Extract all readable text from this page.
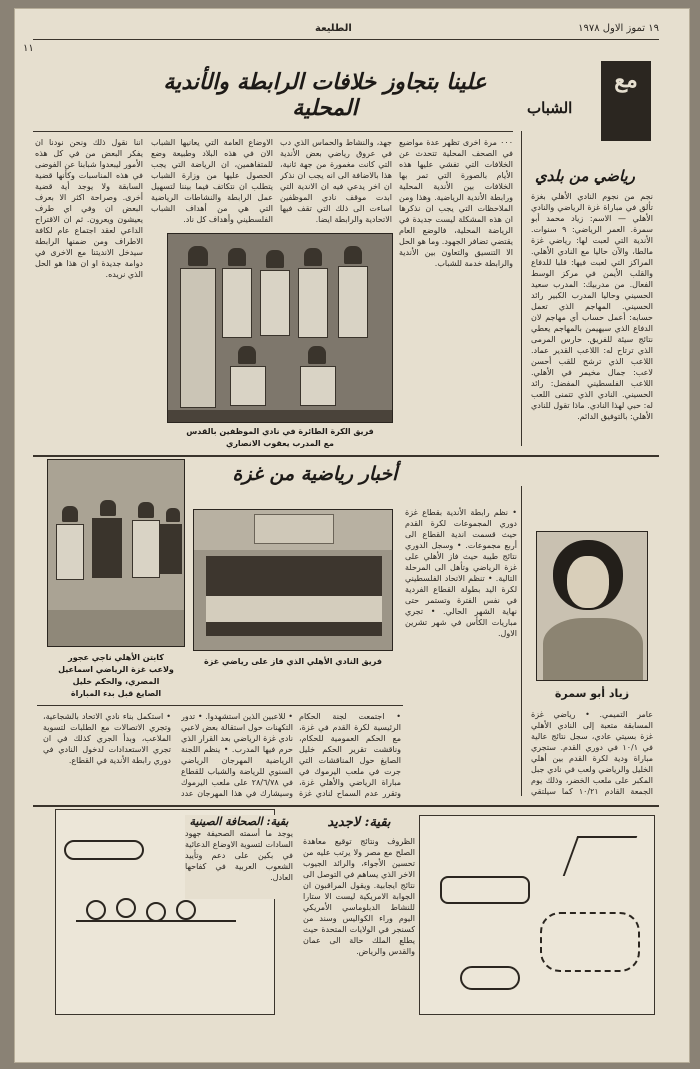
١١
الطليعة	١٩ تموز الاول ١٩٧٨
علينا بتجاوز خلافات الرابطة والأندية المحلية
مع
الشباب
رياضي من بلدي
نجم من نجوم النادي الأهلي بغزة تألق في مباراة غزة الرياضي والنادي الأهلي — الاسم: زياد محمد أبو سمرة. العمر الرياضي: ٩ سنوات. الأندية التي لعبت لها: رياضي غزة مالطا، والآن حاليا مع النادي الأهلي. المراكز التي لعبت فيها: قلبا للدفاع والقلب الأيمن في مركز الوسط الفعال. من مدربيك: المدرب سعيد الحسيني وحاليا المدرب الكبير رائد الحسيني. المهاجم الذي تعمل حسابه: أعمل حساب أي مهاجم لان الدفاع الذي سيهيمن بالمهاجم يعطي نتائج سيئة للفريق. حارس المرمى الذي ترتاح له: اللاعب القدير عماد. اللاعب الذي ترشح للقب أحسن لاعب: جمال مخيمر في الأهلي. اللاعب الفلسطيني المفضل: رائد الحسيني. النادي الذي تتمنى اللعب له: حبي لهذا النادي. ماذا تقول للنادي الأهلي: بالتوفيق الدائم.
زياد أبو سمرة
عامر التميمي. • رياضي غزة المسابقة متعبة إلى النادي الأهلي غزة بسيتي عادي، سجل نتائج عالية في ١٠/١ في دوري القدم. ستجري مباراة ودية لكرة القدم بين أهلي الخليل والرياضي ولعب في نادي جبل المكبر على ملعب الخضر، وذلك يوم الجمعة القادم ١٠/٢١ كما سيلتقي
اننا نقول ذلك ونحن نودنا ان يفكر البعض من في كل هذه الأمور ليبعدوا شبابنا عن الفوضى في هذه المناسبات وكأنها قضية السابقة ولا يوجد أية قضية أخرى. وصراحة اكثر الا بعرف البعض ان وفي اي طرف يعيشون ويعرون. ثم ان الاقتراح الداعي لعقد اجتماع عام لكافة الاطراف ومن ضمنها الرابطة سيدخل الانديتنا مع الاخرى في دوامة جديدة او ان هذا هو الحل الذي نريده.
الاوضاع العامة التي يعانيها الشباب الان في هذه البلاد وطبيعة وضع للمتفاهمين، ان الرياضة التي يجب الحصول عليها من وزارة الشباب يتطلب ان نتكاتف فيما بيننا لتسهيل عمل الرابطة والنشاطات الرياضية التي هي من أهداف الشباب الفلسطيني وأهداف كل ناد.
جهد، والنشاط والحماس الذي دب في عروق رياضي بعض الأندية التي كانت مغمورة من جهة ثانية، هذا بالاضافة الى انه يجب ان نذكر ان اخر يدعي فيه ان الاندية التي ابدت موقف نادي الموظفين اساءت الى ذلك التي تقف فيها الاتحادية والرابطة ايضا.
٠٠٠ مرة اخرى تظهر عدة مواضيع في الصحف المحلية تتحدث عن الخلافات التي تفشي عليها هذه الأيام بالصورة التي تمر بها الخلافات بين الأندية المحلية ورابطة الأندية الرياضية. وهذا ومن الملاحظات التي يجب ان نذكرها ان هذه المشكلة ليست جديدة في الرياضة المحلية، فالوضع العام يقتضي تضافر الجهود. وما هو الحل الا التنسيق والتعاون بين الأندية والرابطة خدمة للشباب.
فريق الكرة الطائرة في نادي الموظفين بالقدس
مع المدرب يعقوب الانصاري
أخبار رياضية من غزة
• نظم رابطة الأندية بقطاع غزة دوري المجموعات لكرة القدم حيث قسمت اندية القطاع الى أربع مجموعات. • وسجل الدوري نتائج طيبة حيث فاز الأهلي على غزة الرياضي وتأهل الى المرحلة التالية. • تنظم الاتحاد الفلسطيني لكرة اليد بطولة القطاع الفردية في نفس الفترة وتستمر حتى نهاية الشهر الحالي. • تجري مباريات الكأس في شهر تشرين الاول.
فريق النادي الأهلي الذي فاز على رياضي غزة
كابتن الأهلي ناجي عجور
ولاعب غزة الرياضي اسماعيل
المصري، والحكم خليل
الصايغ قبل بدء المباراة
• اجتمعت لجنة الحكام الرئيسية لكرة القدم في غزة، مع الحكم العمومية للحكام، وناقشت تقرير الحكم خليل الصايغ حول المناقشات التي جرت في ملعب اليرموك في مباراة الرياضي والأهلي غزة، وتقرر عدم السماح لنادي غزة
• للاعبين الذين استشهدوا. • تدور التكهنات حول استقالة بعض لاعبي نادي غزة الرياضي بعد القرار الذي حرم فيها المدرب. • ينظم اللجنة الرياضية المهرجان الرياضي السنوي للرياضة والشباب للقطاع في ٢٨/٦/٧٨ على ملعب اليرموك وسيشارك في هذا المهرجان عدد
• استكمل بناء نادي الاتحاد بالشجاعية، وتجري الاتصالات مع الطلبات لتسوية الملاعب، وبدأ الجري كذلك في ان تجري الاستعدادات لدخول النادي في دوري رابطة الأندية في القطاع.
بقية: الصحافة الصينية
يوجد ما أسمته الصحيفة جهود السادات لتسوية الاوضاع الدعائية في بكين على دعم وتأييد الشعوب العربية في كفاحها العادل.
بقية: لاجديد
الظروف ونتائج توقيع معاهدة الصلح مع مصر ولا يرتب عليه من تحسين الأجواء، والرائد الجيوب الاخر الذي يساهم في التوصل الى نتائج ايجابية. ويقول المراقبون ان الجوابة الامريكية ليست الا ستارا للنشاط الدبلوماسي الأمريكي اليوم وراء الكواليس وسند من كسنجر في الولايات المتحدة حيث يطلع الملك حالة الى عمان والقدس والرياض.
